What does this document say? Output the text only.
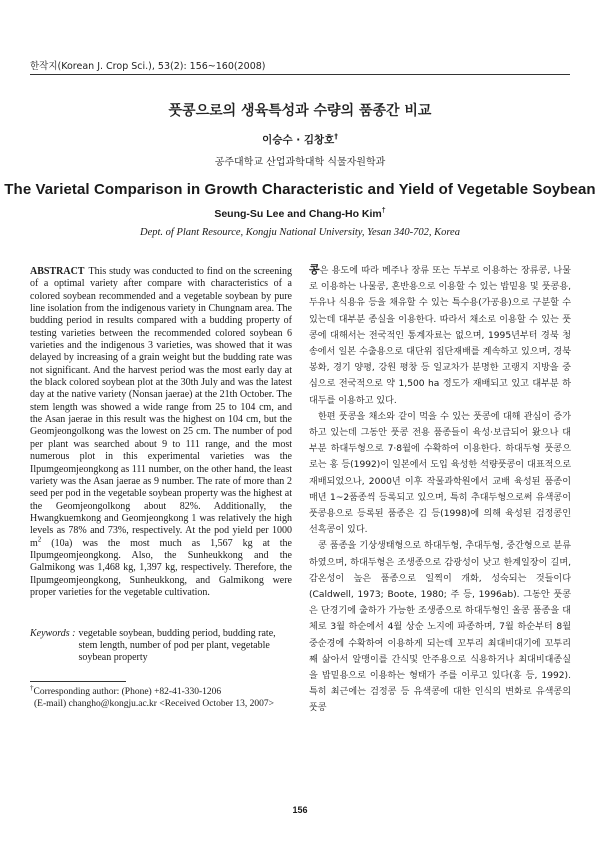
한작지(Korean J. Crop Sci.), 53(2): 156~160(2008)
풋콩으로의 생육특성과 수량의 품종간 비교
이승수 · 김창호†
공주대학교 산업과학대학 식물자원학과
The Varietal Comparison in Growth Characteristic and Yield of Vegetable Soybean
Seung-Su Lee and Chang-Ho Kim†
Dept. of Plant Resource, Kongju National University, Yesan 340-702, Korea

ABSTRACT This study was conducted to find on the screening of a optimal variety after compare with characteristics of a colored soybean recommended and a vegetable soybean by pure line isolation from the indigenous variety in Chungnam area. The budding period in results compared with a budding property of testing varieties between the recommended colored soybean 6 varieties and the indigenous 3 varieties, was showed that it was delayed by increasing of a grain weight but the budding rate was not significant. And the harvest period was the most early day at the black colored soybean plot at the 30th July and was the latest day at the native variety (Nonsan jaerae) at the 21th October. The stem length was showed a wide range from 25 to 104 cm, and the Asan jaerae in this result was the highest on 104 cm, but the Geomjeongolkong was the lowest on 25 cm. The number of pod per plant was searched about 9 to 111 range, and the most numerous plot in this experimental varieties was the Ilpumgeomjeongkong as 111 number, on the other hand, the least variety was the Asan jaerae as 9 number. The rate of more than 2 seed per pod in the vegetable soybean property was the highest at the Geomjeongolkong about 82%. Additionally, the Hwangkuemkong and Geomjeongkong 1 was relatively the high levels as 78% and 73%, respectively. At the pod yield per 1000 $m^2$ (10a) was the most much as 1,567 kg at the Ilpumgeomjeongkong. Also, the Sunheukkong and the Galmikong was 1,468 kg, 1,397 kg, respectively. Therefore, the Ilpumgeomjeongkong, Sunheukkong, and Galmikong were proper varieties for the vegetable cultivation.

Keywords : vegetable soybean, budding period, budding rate, stem length, number of pod per plant, vegetable soybean property

†Corresponding author: (Phone) +82-41-330-1206

(E-mail) changho@kongju.ac.kr <Received October 13, 2007>

콩은 용도에 따라 메주나 장류 또는 두부로 이용하는 장류콩, 나물로 이용하는 나물콩, 혼반용으로 이용할 수 있는 밥밑용 및 풋콩용, 두유나 식용유 등을 채유할 수 있는 특수용(가공용)으로 구분할 수 있는데 대부분 종실을 이용한다. 따라서 채소로 이용할 수 있는 풋콩에 대해서는 전국적인 통계자료는 없으며, 1995년부터 경북 청송에서 일본 수출용으로 대단위 집단재배를 계속하고 있으며, 경북 봉화, 경기 양평, 강원 평창 등 일교차가 분명한 고랭지 지방을 중심으로 전국적으로 약 1,500 ha 정도가 재배되고 있고 대부분 하대두를 이용하고 있다.

한편 풋콩을 채소와 같이 먹을 수 있는 풋콩에 대해 관심이 증가하고 있는데 그동안 풋콩 전용 품종들이 육성·보급되어 왔으나 대부분 하대두형으로 7·8월에 수확하여 이용한다. 하대두형 풋콩으로는 홍 등(1992)이 일본에서 도입 육성한 석량풋콩이 대표적으로 재배되었으나, 2000년 이후 작물과학원에서 교배 육성된 품종이 매년 1~2품종씩 등록되고 있으며, 특히 추대두형으로써 유색콩이 풋콩용으로 등록된 품종은 김 등(1998)에 의해 육성된 검정콩인 선흑콩이 있다.

콩 품종을 기상생태형으로 하대두형, 추대두형, 중간형으로 분류하였으며, 하대두형은 조생종으로 감광성이 낮고 한계일장이 길며, 감온성이 높은 품종으로 일찍이 개화, 성숙되는 것들이다(Caldwell, 1973; Boote, 1980; 주 등, 1996ab). 그동안 풋콩은 단경기에 출하가 가능한 조생종으로 하대두형인 올콩 품종을 대체로 3월 하순에서 4월 상순 노지에 파종하며, 7월 하순부터 8월 중순경에 수확하여 이용하게 되는데 꼬투리 최대비대기에 꼬투리째 삶아서 알맹이를 간식및 안주용으로 식용하거나 최대비대종실을 밥밑용으로 이용하는 형태가 주를 이루고 있다(홍 등, 1992). 특히 최근에는 검정콩 등 유색콩에 대한 인식의 변화로 유색콩의 풋콩

156
